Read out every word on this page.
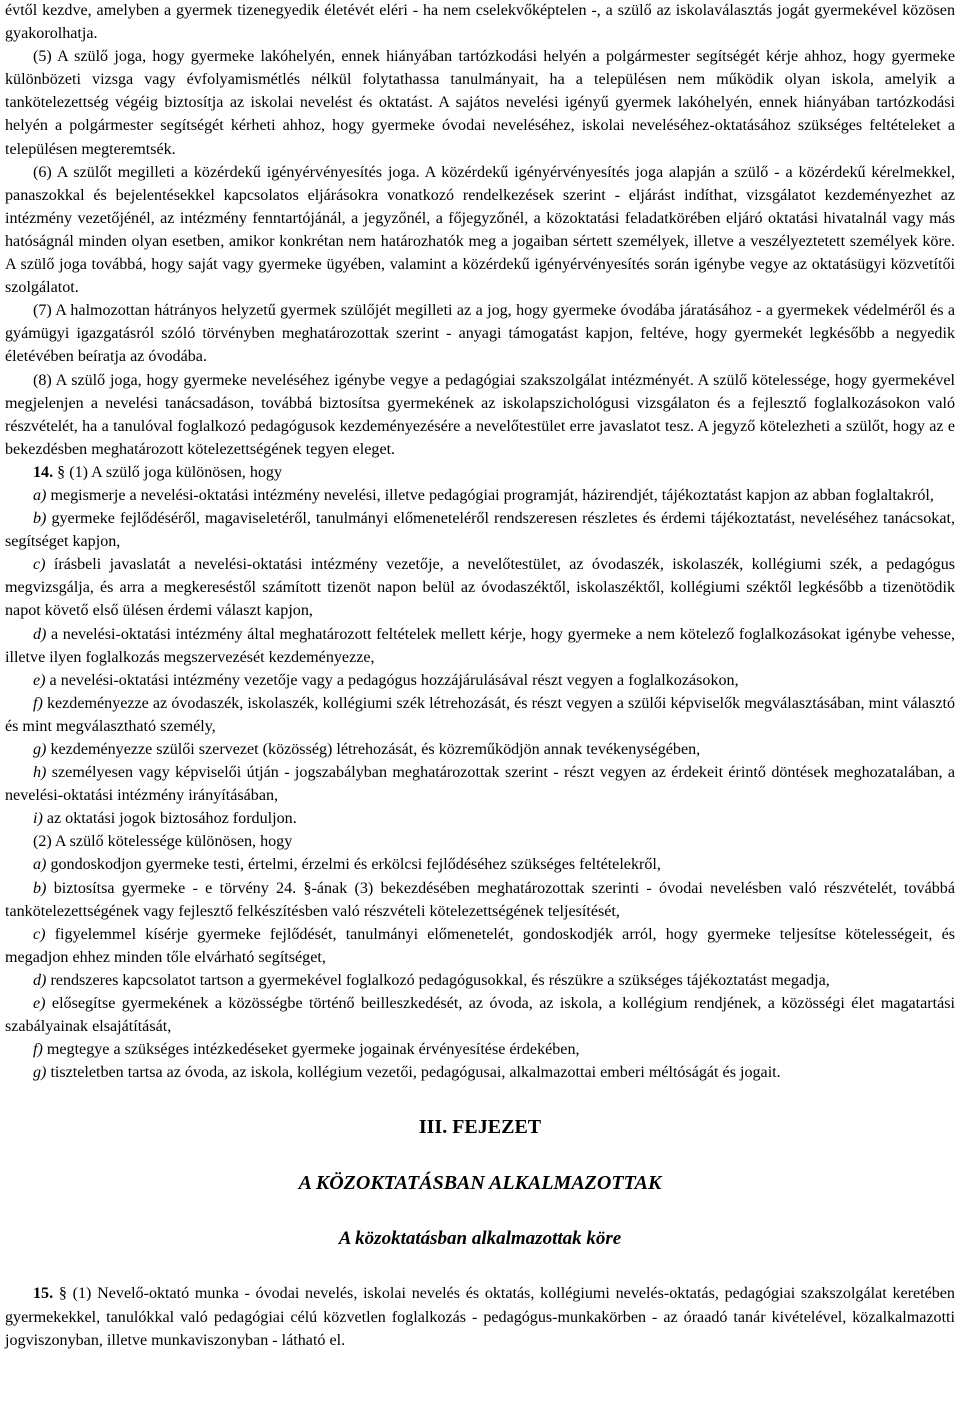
évtől kezdve, amelyben a gyermek tizenegyedik életévét eléri - ha nem cselekvőképtelen -, a szülő az iskolaválasztás jogát gyermekével közösen gyakorolhatja.

(5) A szülő joga, hogy gyermeke lakóhelyén, ennek hiányában tartózkodási helyén a polgármester segítségét kérje ahhoz, hogy gyermeke különbözeti vizsga vagy évfolyamismétlés nélkül folytathassa tanulmányait, ha a településen nem működik olyan iskola, amelyik a tankötelezettség végéig biztosítja az iskolai nevelést és oktatást. A sajátos nevelési igényű gyermek lakóhelyén, ennek hiányában tartózkodási helyén a polgármester segítségét kérheti ahhoz, hogy gyermeke óvodai neveléséhez, iskolai neveléséhez-oktatásához szükséges feltételeket a településen megteremtsék.

(6) A szülőt megilleti a közérdekű igényérvényesítés joga. A közérdekű igényérvényesítés joga alapján a szülő - a közérdekű kérelmekkel, panaszokkal és bejelentésekkel kapcsolatos eljárásokra vonatkozó rendelkezések szerint - eljárást indíthat, vizsgálatot kezdeményezhet az intézmény vezetőjénél, az intézmény fenntartójánál, a jegyzőnél, a főjegyzőnél, a közoktatási feladatkörében eljáró oktatási hivatalnál vagy más hatóságnál minden olyan esetben, amikor konkrétan nem határozhatók meg a jogaiban sértett személyek, illetve a veszélyeztetett személyek köre. A szülő joga továbbá, hogy saját vagy gyermeke ügyében, valamint a közérdekű igényérvényesítés során igénybe vegye az oktatásügyi közvetítői szolgálatot.

(7) A halmozottan hátrányos helyzetű gyermek szülőjét megilleti az a jog, hogy gyermeke óvodába járatásához - a gyermekek védelméről és a gyámügyi igazgatásról szóló törvényben meghatározottak szerint - anyagi támogatást kapjon, feltéve, hogy gyermekét legkésőbb a negyedik életévében beíratja az óvodába.

(8) A szülő joga, hogy gyermeke neveléséhez igénybe vegye a pedagógiai szakszolgálat intézményét. A szülő kötelessége, hogy gyermekével megjelenjen a nevelési tanácsadáson, továbbá biztosítsa gyermekének az iskolapszichológusi vizsgálaton és a fejlesztő foglalkozásokon való részvételét, ha a tanulóval foglalkozó pedagógusok kezdeményezésére a nevelőtestület erre javaslatot tesz. A jegyző kötelezheti a szülőt, hogy az e bekezdésben meghatározott kötelezettségének tegyen eleget.

14. § (1) A szülő joga különösen, hogy

a) megismerje a nevelési-oktatási intézmény nevelési, illetve pedagógiai programját, házirendjét, tájékoztatást kapjon az abban foglaltakról,

b) gyermeke fejlődéséről, magaviseletéről, tanulmányi előmeneteléről rendszeresen részletes és érdemi tájékoztatást, neveléséhez tanácsokat, segítséget kapjon,

c) írásbeli javaslatát a nevelési-oktatási intézmény vezetője, a nevelőtestület, az óvodaszék, iskolaszék, kollégiumi szék, a pedagógus megvizsgálja, és arra a megkereséstől számított tizenöt napon belül az óvodaszéktől, iskolaszéktől, kollégiumi széktől legkésőbb a tizenötödik napot követő első ülésen érdemi választ kapjon,

d) a nevelési-oktatási intézmény által meghatározott feltételek mellett kérje, hogy gyermeke a nem kötelező foglalkozásokat igénybe vehesse, illetve ilyen foglalkozás megszervezését kezdeményezze,

e) a nevelési-oktatási intézmény vezetője vagy a pedagógus hozzájárulásával részt vegyen a foglalkozásokon,

f) kezdeményezze az óvodaszék, iskolaszék, kollégiumi szék létrehozását, és részt vegyen a szülői képviselők megválasztásában, mint választó és mint megválasztható személy,

g) kezdeményezze szülői szervezet (közösség) létrehozását, és közreműködjön annak tevékenységében,

h) személyesen vagy képviselői útján - jogszabályban meghatározottak szerint - részt vegyen az érdekeit érintő döntések meghozatalában, a nevelési-oktatási intézmény irányításában,

i) az oktatási jogok biztosához forduljon.

(2) A szülő kötelessége különösen, hogy

a) gondoskodjon gyermeke testi, értelmi, érzelmi és erkölcsi fejlődéséhez szükséges feltételekről,

b) biztosítsa gyermeke - e törvény 24. §-ának (3) bekezdésében meghatározottak szerinti - óvodai nevelésben való részvételét, továbbá tankötelezettségének vagy fejlesztő felkészítésben való részvételi kötelezettségének teljesítését,

c) figyelemmel kísérje gyermeke fejlődését, tanulmányi előmenetelét, gondoskodjék arról, hogy gyermeke teljesítse kötelességeit, és megadjon ehhez minden tőle elvárható segítséget,

d) rendszeres kapcsolatot tartson a gyermekével foglalkozó pedagógusokkal, és részükre a szükséges tájékoztatást megadja,

e) elősegítse gyermekének a közösségbe történő beilleszkedését, az óvoda, az iskola, a kollégium rendjének, a közösségi élet magatartási szabályainak elsajátítását,

f) megtegye a szükséges intézkedéseket gyermeke jogainak érvényesítése érdekében,

g) tiszteletben tartsa az óvoda, az iskola, kollégium vezetői, pedagógusai, alkalmazottai emberi méltóságát és jogait.

III. FEJEZET
A KÖZOKTATÁSBAN ALKALMAZOTTAK
A közoktatásban alkalmazottak köre

15. § (1) Nevelő-oktató munka - óvodai nevelés, iskolai nevelés és oktatás, kollégiumi nevelés-oktatás, pedagógiai szakszolgálat keretében gyermekekkel, tanulókkal való pedagógiai célú közvetlen foglalkozás - pedagógus-munkakörben - az óraadó tanár kivételével, közalkalmazotti jogviszonyban, illetve munkaviszonyban - látható el.
